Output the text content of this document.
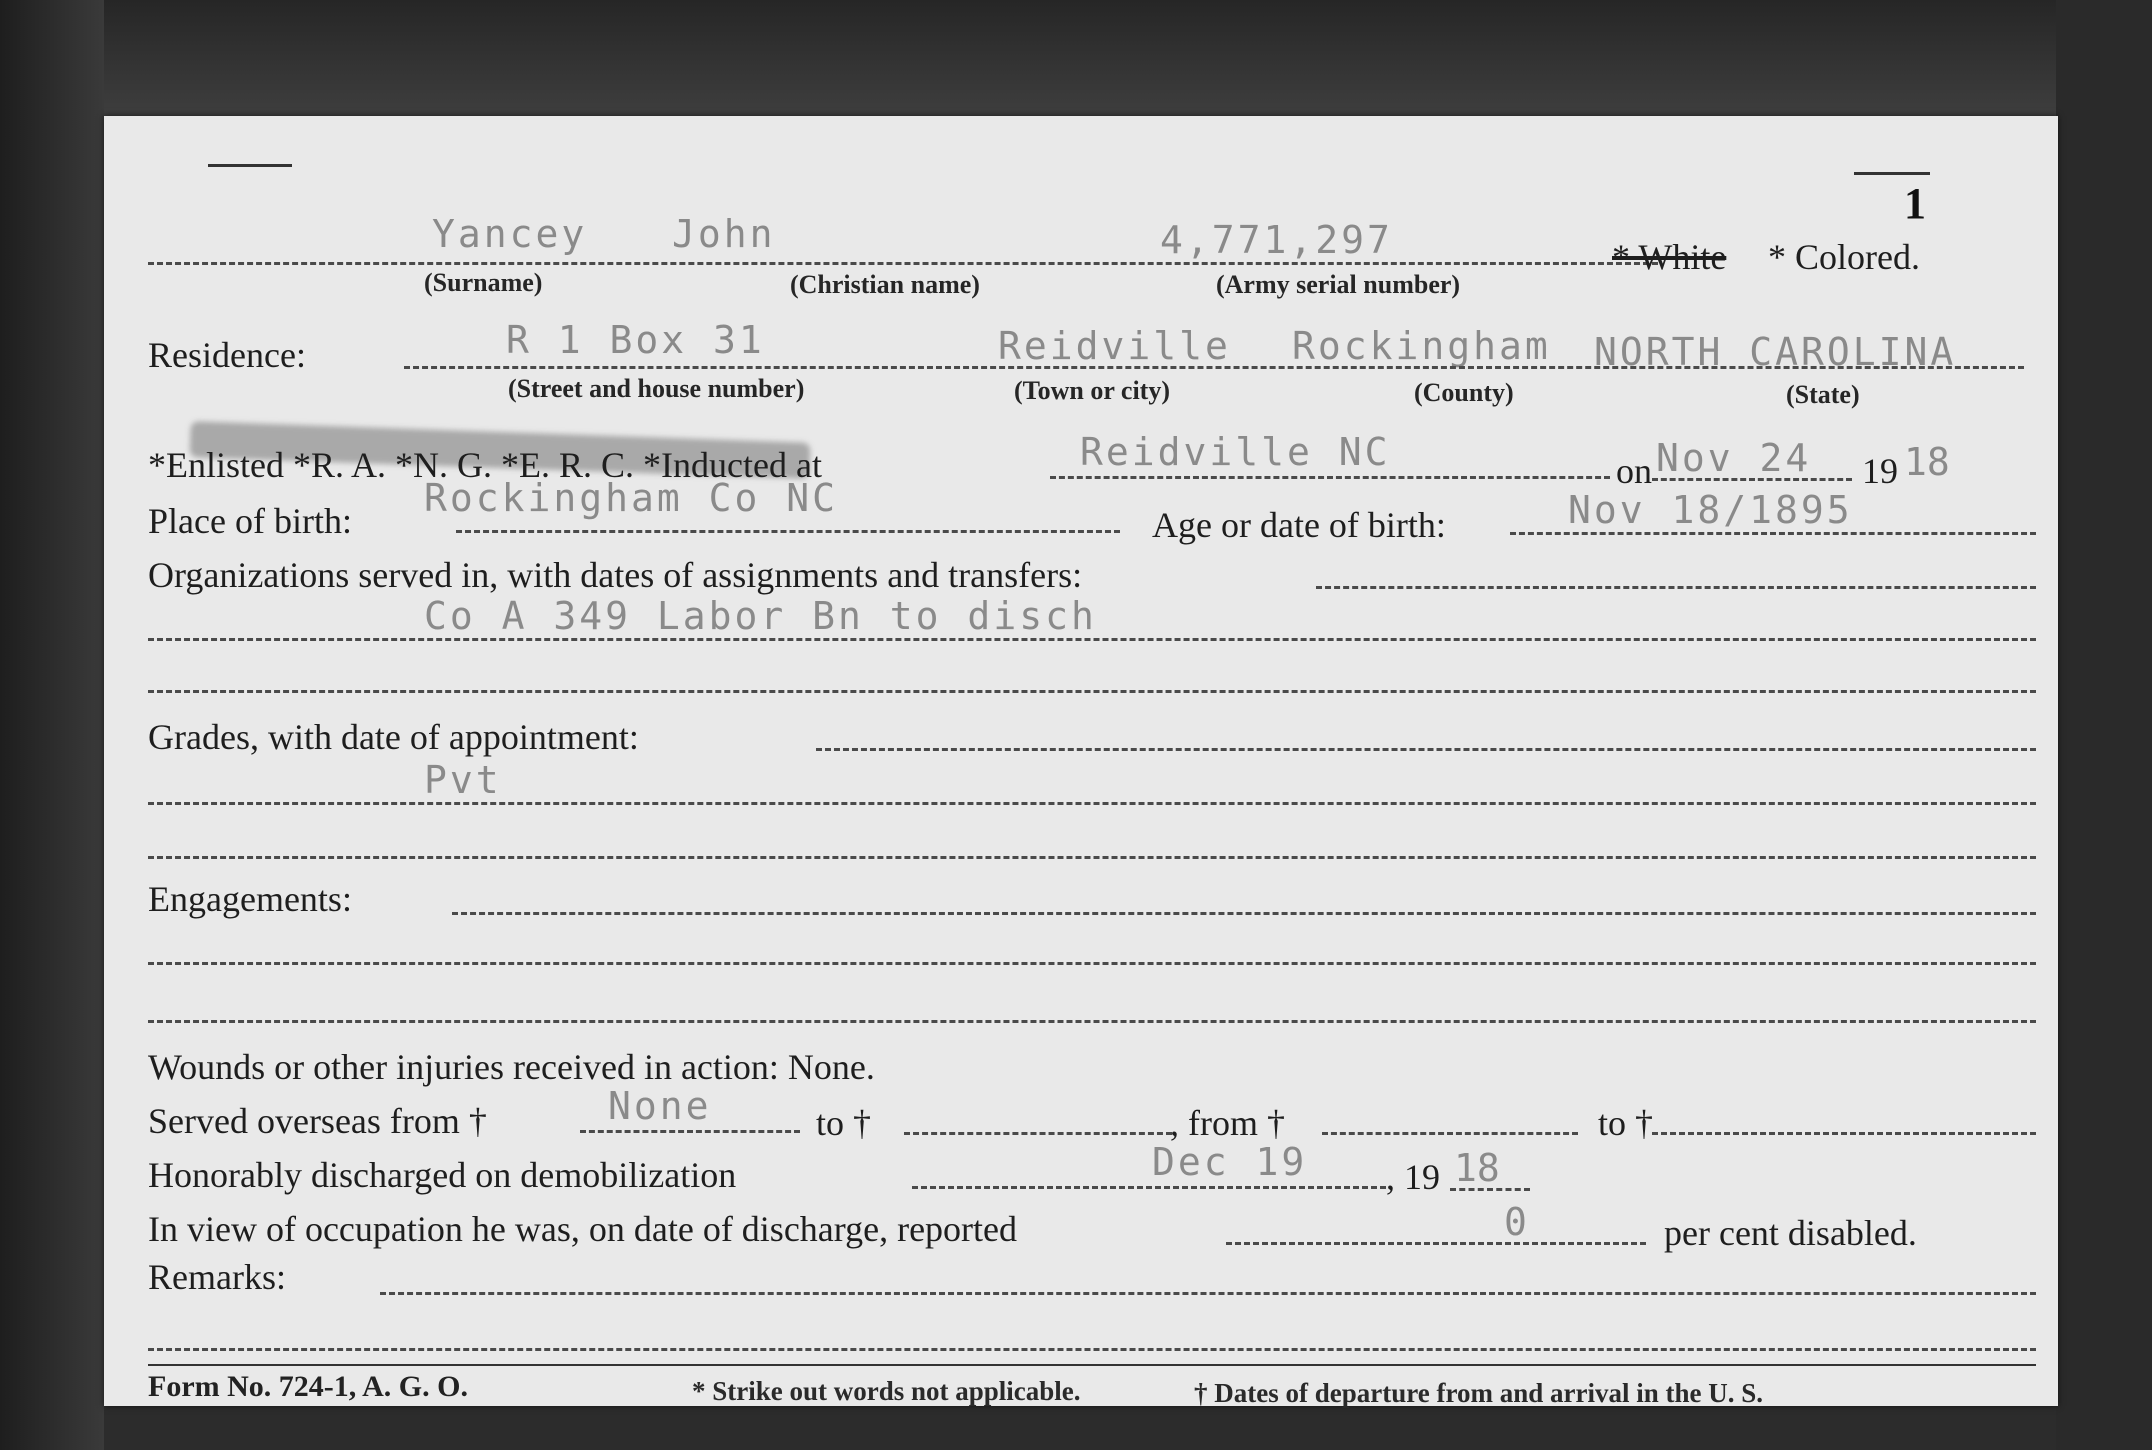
1
Yancey John	4,771,297	* White * Colored.
(Surname)	(Christian name)	(Army serial number)
Residence:	R 1 Box 31	Reidville Rockingham NORTH CAROLINA
(Street and house number)	(Town or city)	(County)	(State)
*Enlisted *R. A. *N. G. *E. R. C. *Inducted at	Reidville NC	on Nov 24 19 18
Place of birth:
Rockingham Co NC
Age or date of birth:	Nov 18/1895
Organizations served in, with dates of assignments and transfers:
Co A 349 Labor Bn to disch
Grades, with date of appointment:
Pvt
Engagements:
Wounds or other injuries received in action: None.
Served overseas from †	None	to †	, from †	to †
Honorably discharged on demobilization	Dec 19 , 19 18
In view of occupation he was, on date of discharge, reported	0	per cent disabled.
Remarks:
Form No. 724-1, A. G. O.	* Strike out words not applicable.	† Dates of departure from and arrival in the U. S.
